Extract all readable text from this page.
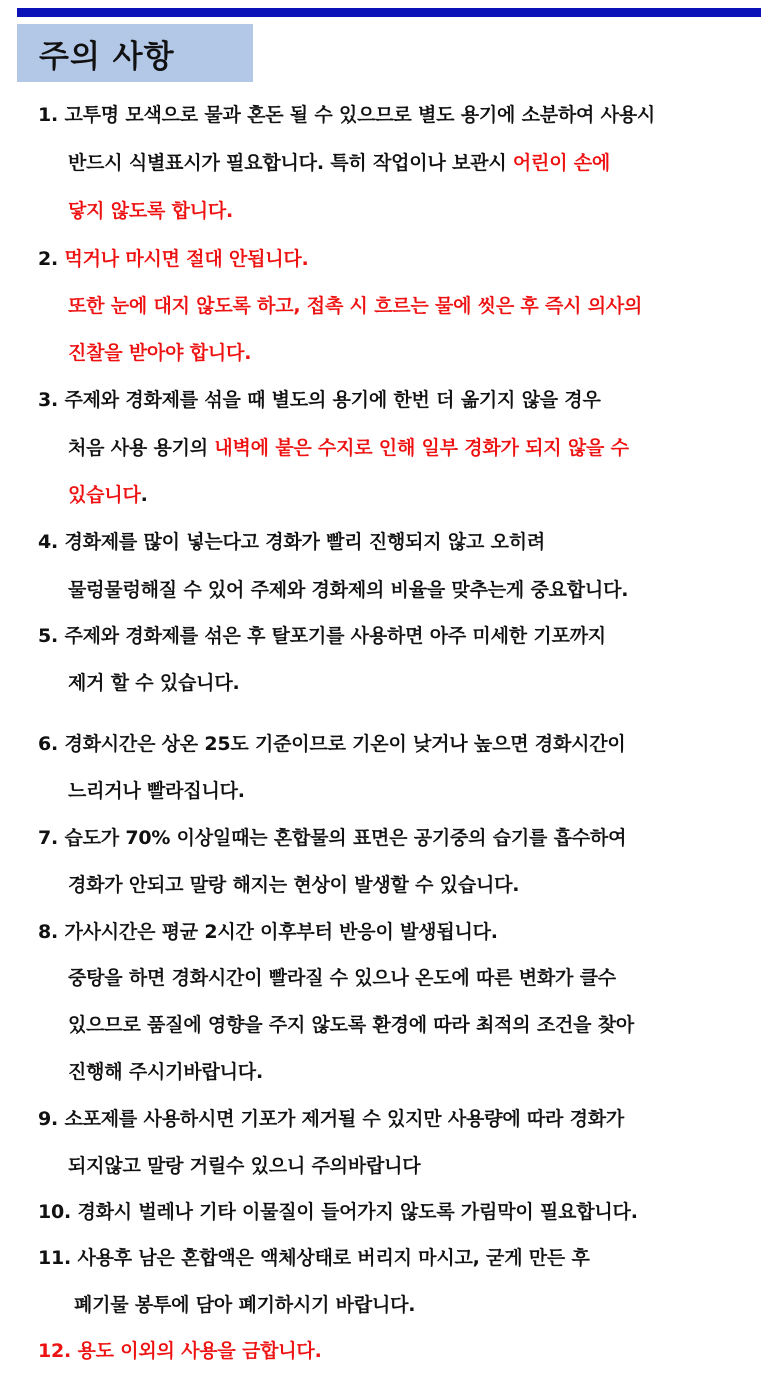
주의 사항
1. 고투명 모색으로 물과 혼돈 될 수 있으므로 별도 용기에 소분하여 사용시
반드시 식별표시가 필요합니다. 특히 작업이나 보관시 어린이 손에
닿지 않도록 합니다.
2. 먹거나 마시면 절대 안됩니다.
또한 눈에 대지 않도록 하고, 접촉 시 흐르는 물에 씻은 후 즉시 의사의
진찰을 받아야 합니다.
3. 주제와 경화제를 섞을 때 별도의 용기에 한번 더 옮기지 않을 경우
처음 사용 용기의 내벽에 붙은 수지로 인해 일부 경화가 되지 않을 수
있습니다.
4. 경화제를 많이 넣는다고 경화가 빨리 진행되지 않고 오히려
물렁물렁해질 수 있어 주제와 경화제의 비율을 맞추는게 중요합니다.
5. 주제와 경화제를 섞은 후 탈포기를 사용하면 아주 미세한 기포까지
제거 할 수 있습니다.
6. 경화시간은 상온 25도 기준이므로 기온이 낮거나 높으면 경화시간이
느리거나 빨라집니다.
7. 습도가 70% 이상일때는 혼합물의 표면은 공기중의 습기를 흡수하여
경화가 안되고 말랑 해지는 현상이 발생할 수 있습니다.
8. 가사시간은 평균 2시간 이후부터 반응이 발생됩니다.
중탕을 하면 경화시간이 빨라질 수 있으나 온도에 따른 변화가 클수
있으므로 품질에 영향을 주지 않도록 환경에 따라 최적의 조건을 찾아
진행해 주시기바랍니다.
9. 소포제를 사용하시면 기포가 제거될 수 있지만 사용량에 따라 경화가
되지않고 말랑 거릴수 있으니 주의바랍니다
10. 경화시 벌레나 기타 이물질이 들어가지 않도록 가림막이 필요합니다.
11. 사용후 남은 혼합액은 액체상태로 버리지 마시고, 굳게 만든 후
폐기물 봉투에 담아 폐기하시기 바랍니다.
12. 용도 이외의 사용을 금합니다.
